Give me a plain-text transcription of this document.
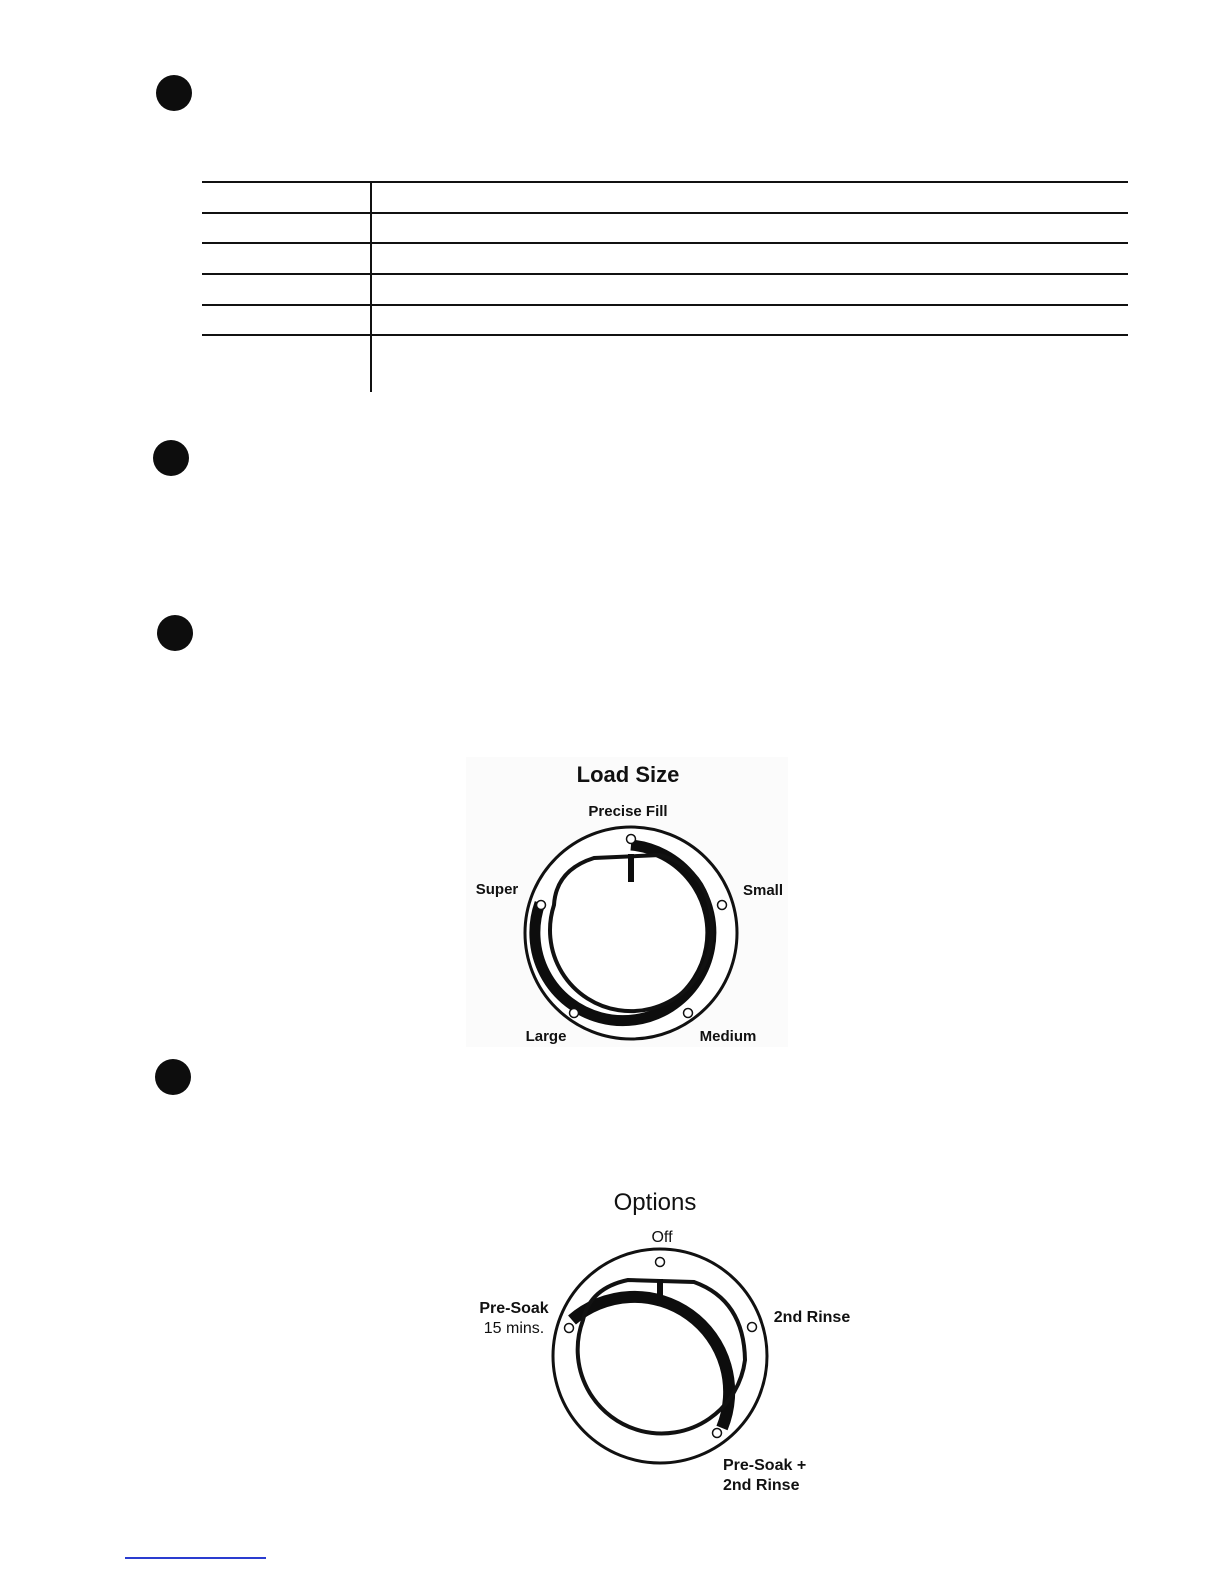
Load Size
Precise Fill
Super	Small
Large	Medium
Options
Off
Pre-Soak
15 mins.
2nd Rinse
Pre-Soak +
2nd Rinse
